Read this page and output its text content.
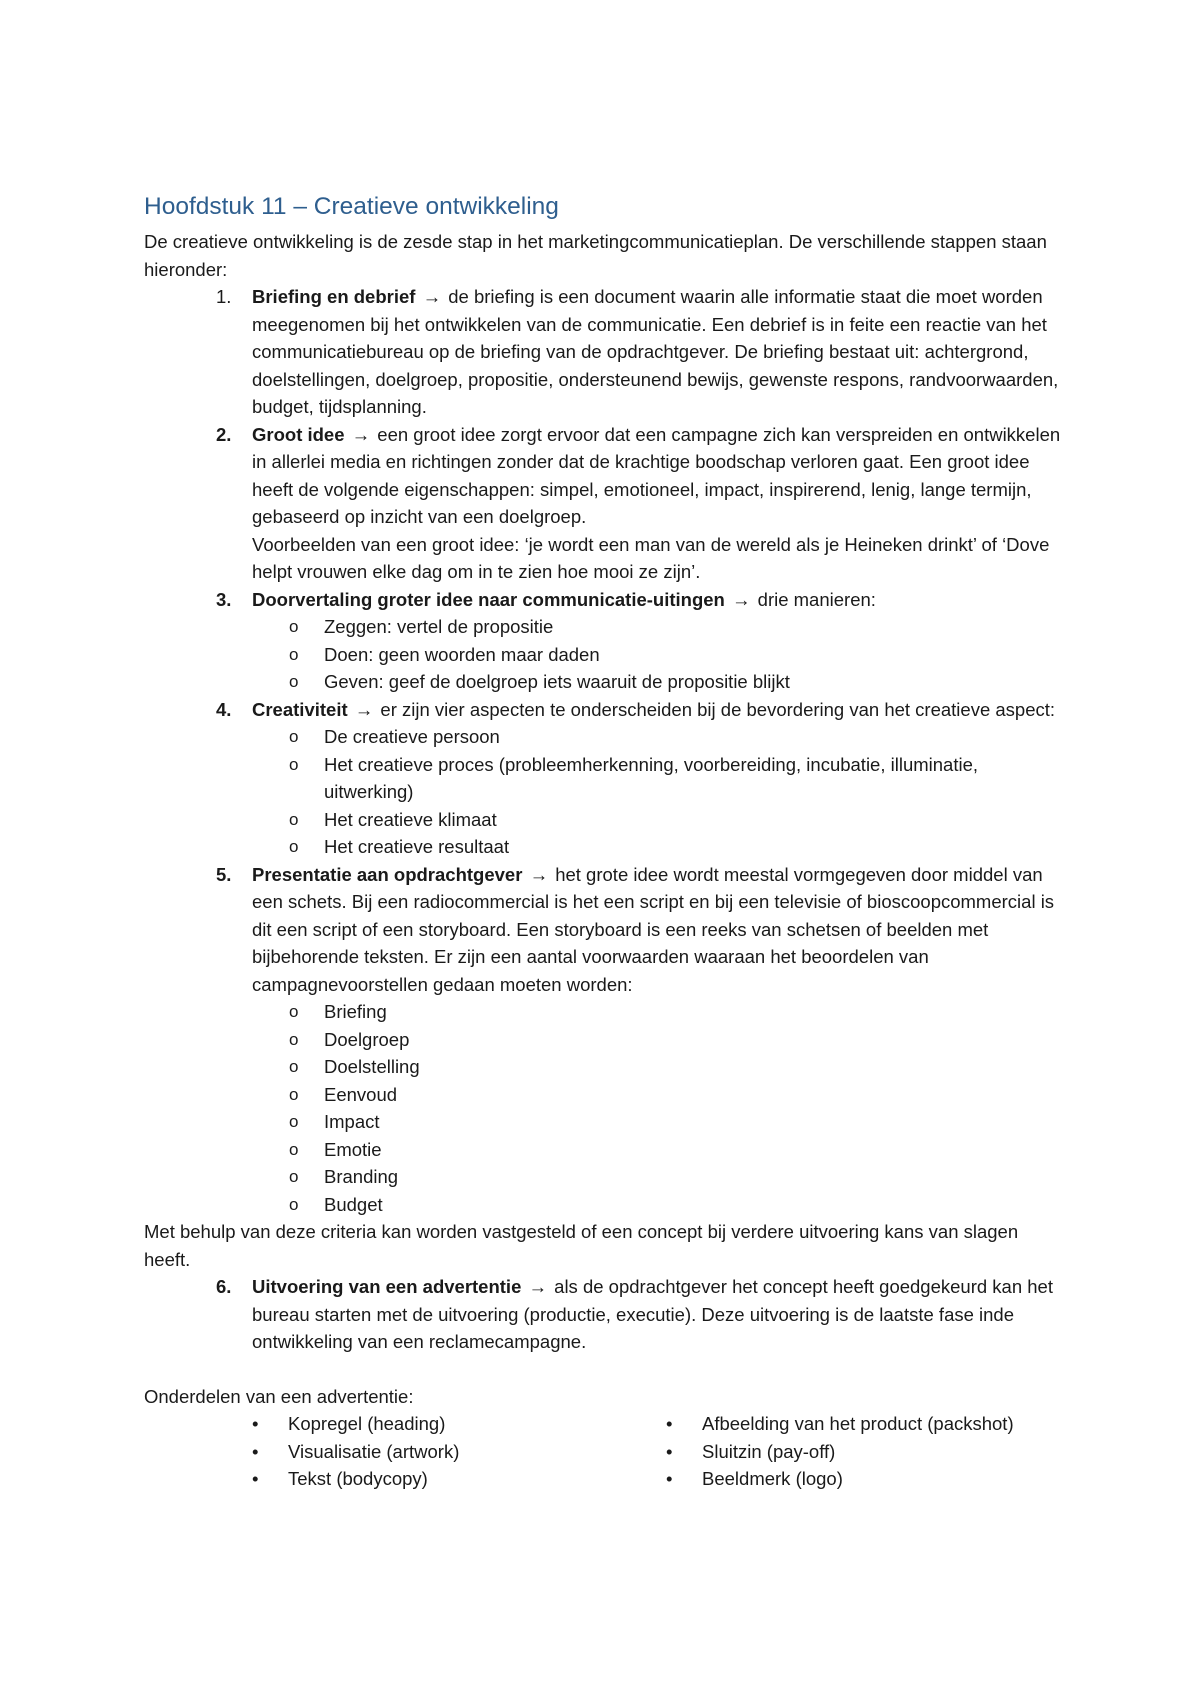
Hoofdstuk 11 – Creatieve ontwikkeling

De creatieve ontwikkeling is de zesde stap in het marketingcommunicatieplan. De verschillende stappen staan hieronder:

1. Briefing en debrief → de briefing is een document waarin alle informatie staat die moet worden meegenomen bij het ontwikkelen van de communicatie. Een debrief is in feite een reactie van het communicatiebureau op de briefing van de opdrachtgever. De briefing bestaat uit: achtergrond, doelstellingen, doelgroep, propositie, ondersteunend bewijs, gewenste respons, randvoorwaarden, budget, tijdsplanning.
2. Groot idee → een groot idee zorgt ervoor dat een campagne zich kan verspreiden en ontwikkelen in allerlei media en richtingen zonder dat de krachtige boodschap verloren gaat. Een groot idee heeft de volgende eigenschappen: simpel, emotioneel, impact, inspirerend, lenig, lange termijn, gebaseerd op inzicht van een doelgroep.
Voorbeelden van een groot idee: ‘je wordt een man van de wereld als je Heineken drinkt’ of ‘Dove helpt vrouwen elke dag om in te zien hoe mooi ze zijn’.
3. Doorvertaling groter idee naar communicatie-uitingen → drie manieren:
o Zeggen: vertel de propositie
o Doen: geen woorden maar daden
o Geven: geef de doelgroep iets waaruit de propositie blijkt
4. Creativiteit → er zijn vier aspecten te onderscheiden bij de bevordering van het creatieve aspect:
o De creatieve persoon
o Het creatieve proces (probleemherkenning, voorbereiding, incubatie, illuminatie, uitwerking)
o Het creatieve klimaat
o Het creatieve resultaat
5. Presentatie aan opdrachtgever → het grote idee wordt meestal vormgegeven door middel van een schets. Bij een radiocommercial is het een script en bij een televisie of bioscoopcommercial is dit een script of een storyboard. Een storyboard is een reeks van schetsen of beelden met bijbehorende teksten. Er zijn een aantal voorwaarden waaraan het beoordelen van campagnevoorstellen gedaan moeten worden:
o Briefing
o Doelgroep
o Doelstelling
o Eenvoud
o Impact
o Emotie
o Branding
o Budget

Met behulp van deze criteria kan worden vastgesteld of een concept bij verdere uitvoering kans van slagen heeft.

6. Uitvoering van een advertentie → als de opdrachtgever het concept heeft goedgekeurd kan het bureau starten met de uitvoering (productie, executie). Deze uitvoering is de laatste fase inde ontwikkeling van een reclamecampagne.

Onderdelen van een advertentie:

• Kopregel (heading)
• Visualisatie (artwork)
• Tekst (bodycopy)
• Afbeelding van het product (packshot)
• Sluitzin (pay-off)
• Beeldmerk (logo)
